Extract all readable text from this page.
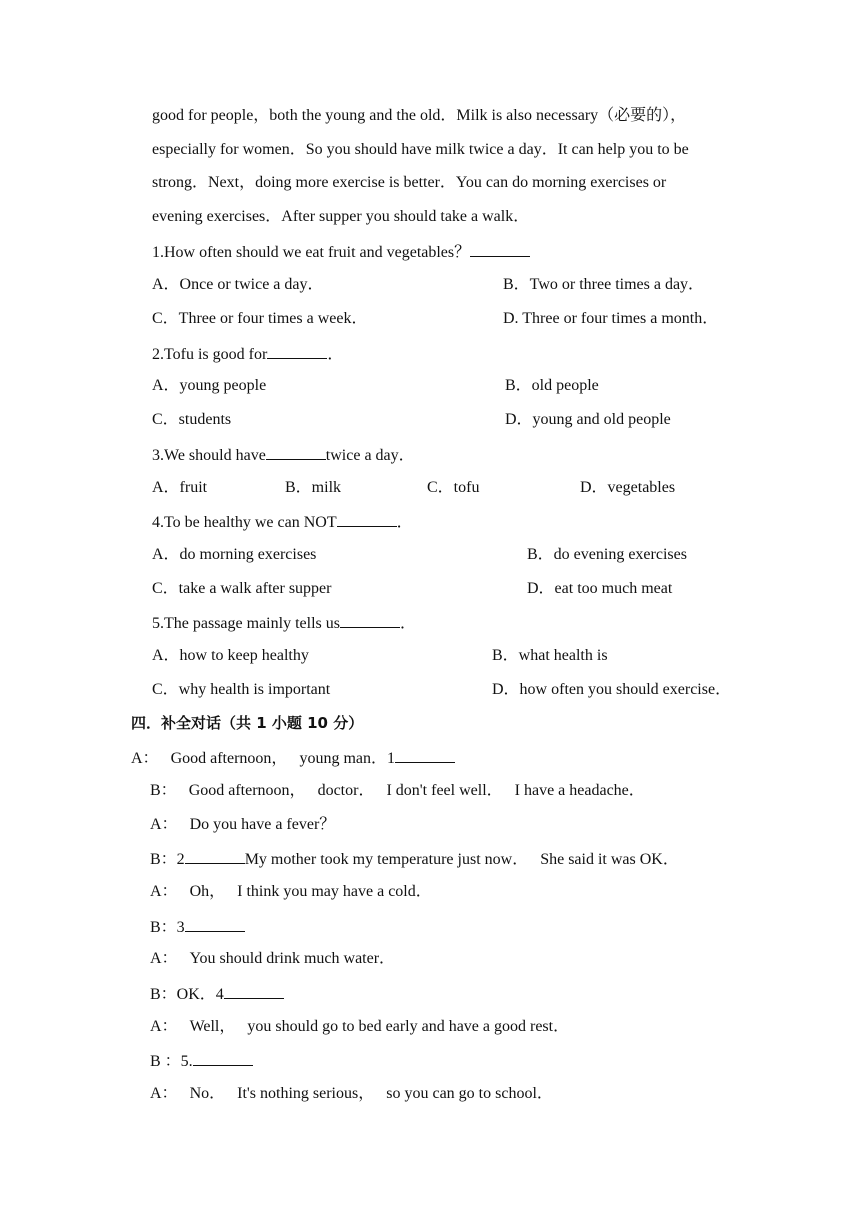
good for people，both the young and the old．Milk is also necessary（必要的），
especially for women．So you should have milk twice a day．It can help you to be
strong．Next，doing more exercise is better．You can do morning exercises or
evening exercises．After supper you should take a walk．
1.How often should we eat fruit and vegetables？
A．Once or twice a day．	B．Two or three times a day．
C．Three or four times a week．	D. Three or four times a month．
2.Tofu is good for	．
A．young people	B．old people
C．students	D．young and old people
3.We should have	twice a day．
A．fruit	B．milk	C．tofu	D．vegetables
4.To be healthy we can NOT	．
A．do morning exercises	B．do evening exercises
C．take a walk after supper	D．eat too much meat
5.The passage mainly tells us	．
A．how to keep healthy	B．what health is
C．why health is important	D．how often you should exercise．
四．补全对话（共 1 小题 10 分）
A： Good afternoon， young man．1
B： Good afternoon， doctor． I don't feel well． I have a headache．
A： Do you have a fever？
B：2	My mother took my temperature just now．   She said it was OK．
A： Oh， I think you may have a cold．
B：3
A： You should drink much water．
B：OK．4
A： Well， you should go to bed early and have a good rest．
B ：5.
A： No． It's nothing serious， so you can go to school．
